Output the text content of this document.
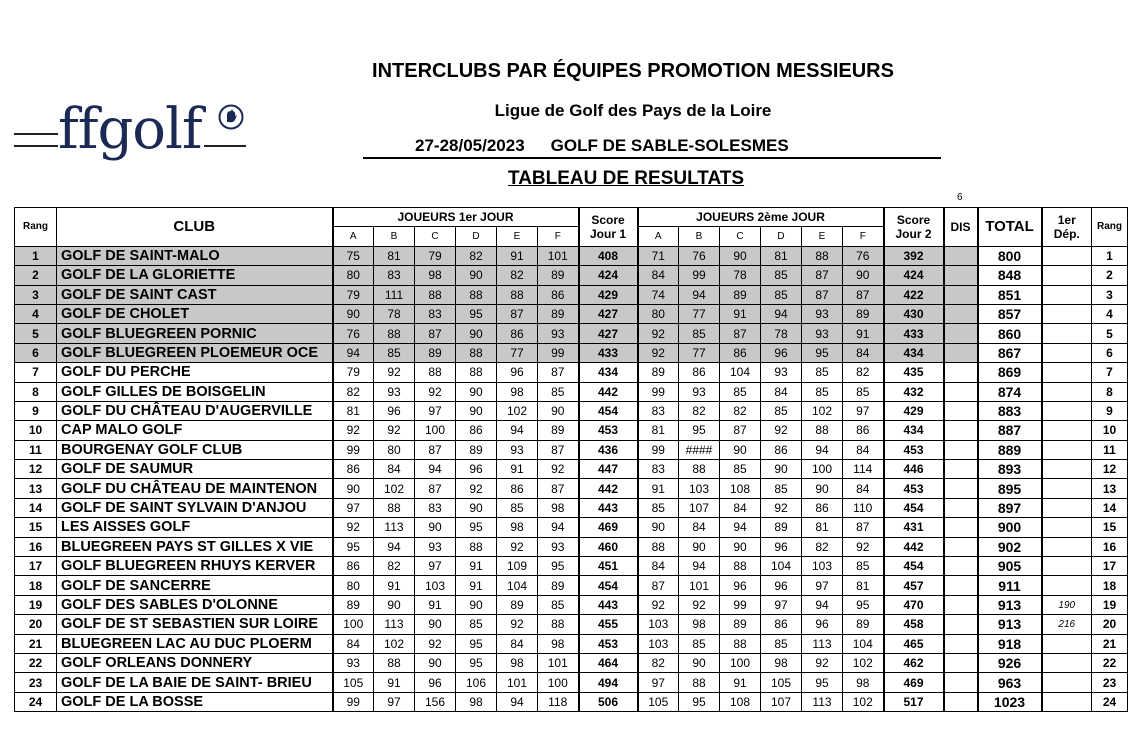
ffgolf
INTERCLUBS PAR ÉQUIPES PROMOTION MESSIEURS
Ligue de Golf des Pays de la Loire
27-28/05/2023 GOLF DE SABLE-SOLESMES
TABLEAU DE RESULTATS
6
Rang	CLUB	JOUEURS 1er JOUR						Score
Jour 1	JOUEURS 2ème JOUR						Score
Jour 2	DIS	TOTAL	1er
Dép.	Rang
		A	B	C	D	E	F		A	B	C	D	E	F					
1	GOLF DE SAINT-MALO	75	81	79	82	91	101	408	71	76	90	81	88	76	392		800		1
2	GOLF DE LA GLORIETTE	80	83	98	90	82	89	424	84	99	78	85	87	90	424		848		2
3	GOLF DE SAINT CAST	79	111	88	88	88	86	429	74	94	89	85	87	87	422		851		3
4	GOLF DE CHOLET	90	78	83	95	87	89	427	80	77	91	94	93	89	430		857		4
5	GOLF BLUEGREEN PORNIC	76	88	87	90	86	93	427	92	85	87	78	93	91	433		860		5
6	GOLF BLUEGREEN PLOEMEUR OCE	94	85	89	88	77	99	433	92	77	86	96	95	84	434		867		6
7	GOLF DU PERCHE	79	92	88	88	96	87	434	89	86	104	93	85	82	435		869		7
8	GOLF GILLES DE BOISGELIN	82	93	92	90	98	85	442	99	93	85	84	85	85	432		874		8
9	GOLF DU CHÂTEAU D'AUGERVILLE	81	96	97	90	102	90	454	83	82	82	85	102	97	429		883		9
10	CAP MALO GOLF	92	92	100	86	94	89	453	81	95	87	92	88	86	434		887		10
11	BOURGENAY GOLF CLUB	99	80	87	89	93	87	436	99	####	90	86	94	84	453		889		11
12	GOLF DE SAUMUR	86	84	94	96	91	92	447	83	88	85	90	100	114	446		893		12
13	GOLF DU CHÂTEAU DE MAINTENON	90	102	87	92	86	87	442	91	103	108	85	90	84	453		895		13
14	GOLF DE SAINT SYLVAIN D'ANJOU	97	88	83	90	85	98	443	85	107	84	92	86	110	454		897		14
15	LES AISSES GOLF	92	113	90	95	98	94	469	90	84	94	89	81	87	431		900		15
16	BLUEGREEN PAYS ST GILLES X VIE	95	94	93	88	92	93	460	88	90	90	96	82	92	442		902		16
17	GOLF BLUEGREEN RHUYS KERVER	86	82	97	91	109	95	451	84	94	88	104	103	85	454		905		17
18	GOLF DE SANCERRE	80	91	103	91	104	89	454	87	101	96	96	97	81	457		911		18
19	GOLF DES SABLES D'OLONNE	89	90	91	90	89	85	443	92	92	99	97	94	95	470		913	190	19
20	GOLF DE ST SEBASTIEN SUR LOIRE	100	113	90	85	92	88	455	103	98	89	86	96	89	458		913	216	20
21	BLUEGREEN LAC AU DUC PLOERM	84	102	92	95	84	98	453	103	85	88	85	113	104	465		918		21
22	GOLF ORLEANS DONNERY	93	88	90	95	98	101	464	82	90	100	98	92	102	462		926		22
23	GOLF DE LA BAIE DE SAINT- BRIEU	105	91	96	106	101	100	494	97	88	91	105	95	98	469		963		23
24	GOLF DE LA BOSSE	99	97	156	98	94	118	506	105	95	108	107	113	102	517		1023		24
